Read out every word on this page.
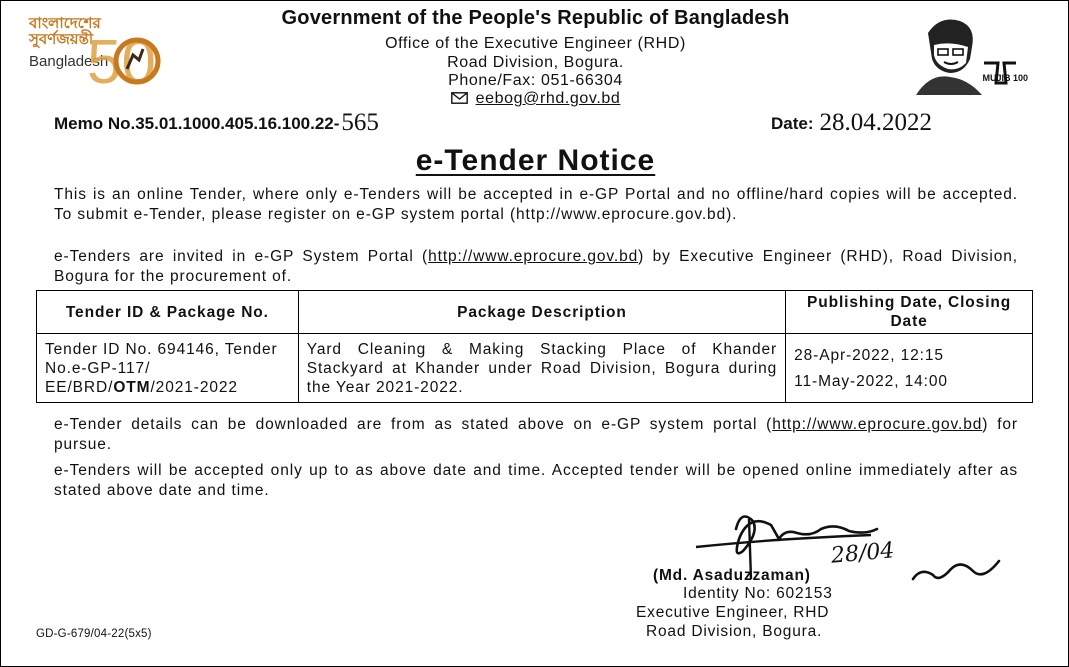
বাংলাদেশের
সুবর্ণজয়ন্তী
Bangladesh
50	MUJIB 100
Government of the People's Republic of Bangladesh
Office of the Executive Engineer (RHD)
Road Division, Bogura.
Phone/Fax: 051-66304
eebog@rhd.gov.bd
Memo No.35.01.1000.405.16.100.22-565	Date: 28.04.2022
e-Tender Notice
This is an online Tender, where only e-Tenders will be accepted in e-GP Portal and no offline/hard copies will be accepted. To submit e-Tender, please register on e-GP system portal (http://www.eprocure.gov.bd).
e-Tenders are invited in e-GP System Portal (http://www.eprocure.gov.bd) by Executive Engineer (RHD), Road Division, Bogura for the procurement of.
Tender ID & Package No.	Package Description	Publishing Date, Closing Date
Tender ID No. 694146, Tender No.e-GP-117/ EE/BRD/OTM/2021-2022	Yard Cleaning & Making Stacking Place of Khander Stackyard at Khander under Road Division, Bogura during the Year 2021-2022.	28-Apr-2022, 12:15
11-May-2022, 14:00
e-Tender details can be downloaded are from as stated above on e-GP system portal (http://www.eprocure.gov.bd) for pursue.
e-Tenders will be accepted only up to as above date and time. Accepted tender will be opened online immediately after as stated above date and time.
28/04
(Md. Asaduzzaman)
Identity No: 602153
Executive Engineer, RHD
Road Division, Bogura.
GD-G-679/04-22(5x5)
